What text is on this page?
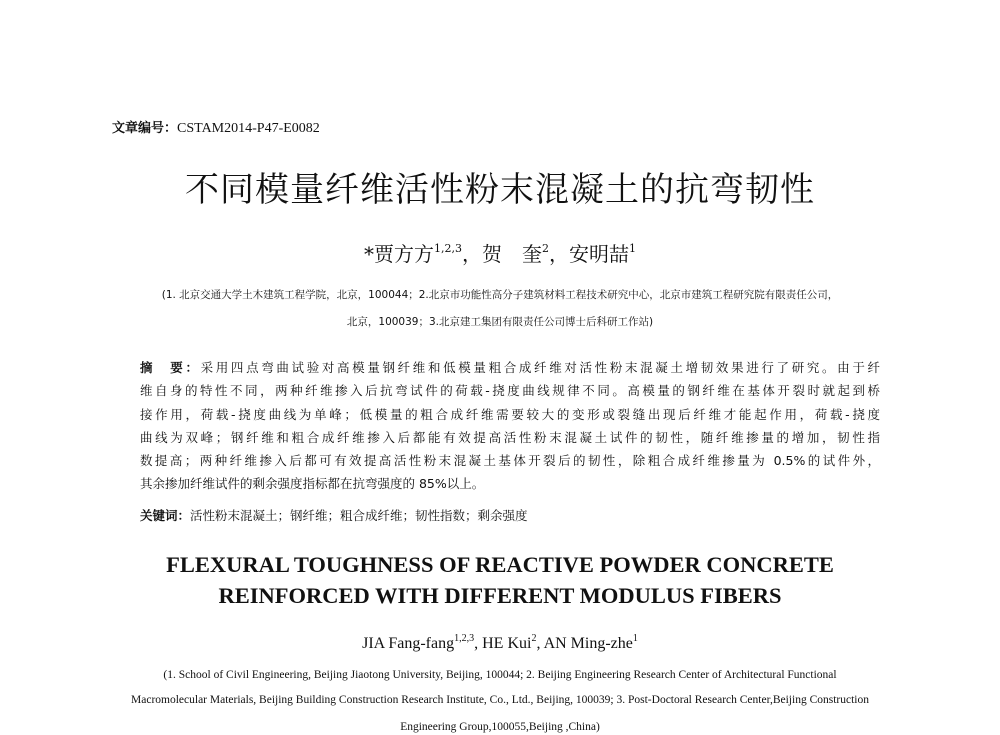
文章编号：CSTAM2014-P47-E0082
不同模量纤维活性粉末混凝土的抗弯韧性
*贾方方$^{1,2,3}$，贺　奎$^2$，安明喆$^1$
(1. 北京交通大学土木建筑工程学院，北京，100044；2.北京市功能性高分子建筑材料工程技术研究中心，北京市建筑工程研究院有限责任公司，
北京，100039；3.北京建工集团有限责任公司博士后科研工作站)
摘　要：采用四点弯曲试验对高模量钢纤维和低模量粗合成纤维对活性粉末混凝土增韧效果进行了研究。由于纤
维自身的特性不同，两种纤维掺入后抗弯试件的荷载-挠度曲线规律不同。高模量的钢纤维在基体开裂时就起到桥
接作用，荷载-挠度曲线为单峰；低模量的粗合成纤维需要较大的变形或裂缝出现后纤维才能起作用，荷载-挠度
曲线为双峰；钢纤维和粗合成纤维掺入后都能有效提高活性粉末混凝土试件的韧性，随纤维掺量的增加，韧性指
数提高；两种纤维掺入后都可有效提高活性粉末混凝土基体开裂后的韧性，除粗合成纤维掺量为 0.5%的试件外，
其余掺加纤维试件的剩余强度指标都在抗弯强度的 85%以上。
关键词：活性粉末混凝土；钢纤维；粗合成纤维；韧性指数；剩余强度
FLEXURAL TOUGHNESS OF REACTIVE POWDER CONCRETE
REINFORCED WITH DIFFERENT MODULUS FIBERS
JIA Fang-fang$^{1,2,3}$, HE Kui$^2$, AN Ming-zhe$^1$
(1. School of Civil Engineering, Beijing Jiaotong University, Beijing, 100044; 2. Beijing Engineering Research Center of Architectural Functional
Macromolecular Materials, Beijing Building Construction Research Institute, Co., Ltd., Beijing, 100039; 3. Post-Doctoral Research Center,Beijing Construction
Engineering Group,100055,Beijing ,China)
